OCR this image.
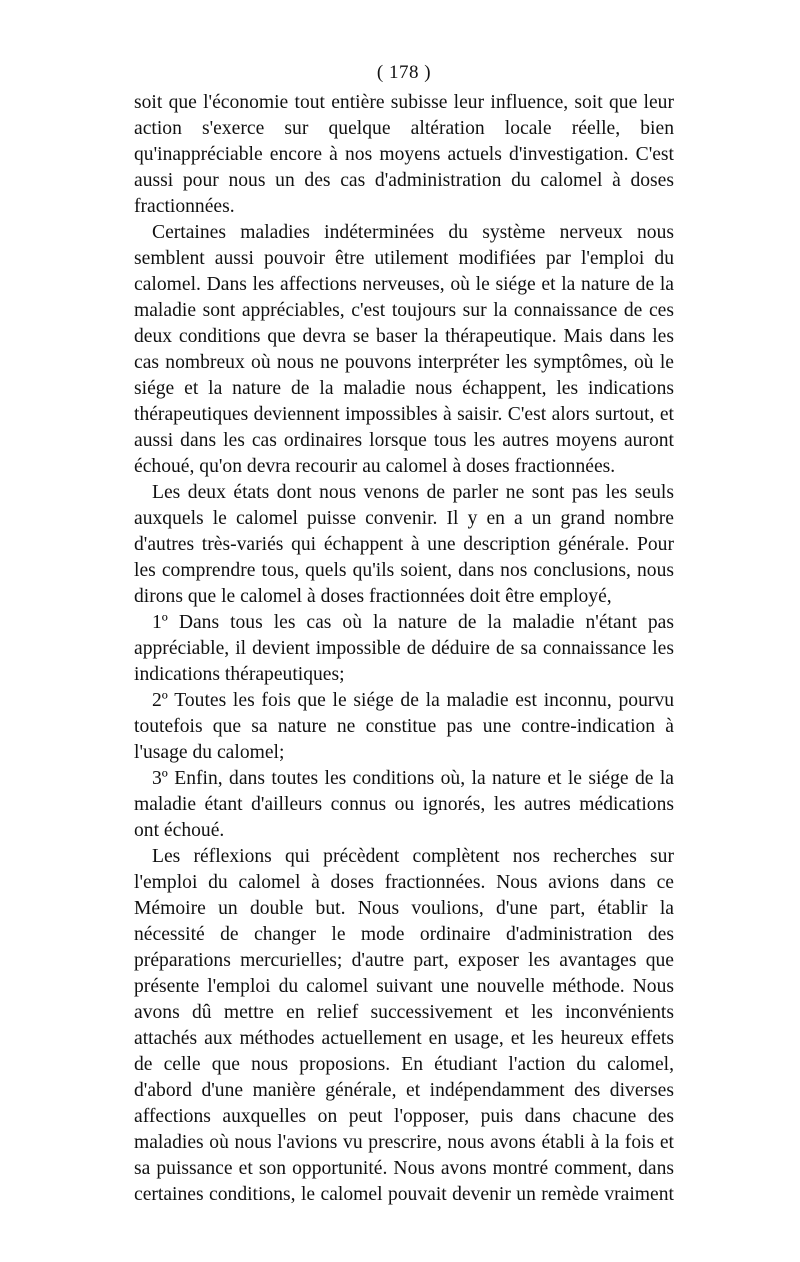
( 178 )

soit que l'économie tout entière subisse leur influence, soit que leur action s'exerce sur quelque altération locale réelle, bien qu'inappréciable encore à nos moyens actuels d'investigation. C'est aussi pour nous un des cas d'administration du calomel à doses fractionnées.

Certaines maladies indéterminées du système nerveux nous semblent aussi pouvoir être utilement modifiées par l'emploi du calomel. Dans les affections nerveuses, où le siége et la nature de la maladie sont appréciables, c'est toujours sur la connaissance de ces deux conditions que devra se baser la thérapeutique. Mais dans les cas nombreux où nous ne pouvons interpréter les symptômes, où le siége et la nature de la maladie nous échappent, les indications thérapeutiques deviennent impossibles à saisir. C'est alors surtout, et aussi dans les cas ordinaires lorsque tous les autres moyens auront échoué, qu'on devra recourir au calomel à doses fractionnées.

Les deux états dont nous venons de parler ne sont pas les seuls auxquels le calomel puisse convenir. Il y en a un grand nombre d'autres très-variés qui échappent à une description générale. Pour les comprendre tous, quels qu'ils soient, dans nos conclusions, nous dirons que le calomel à doses fractionnées doit être employé,

1º Dans tous les cas où la nature de la maladie n'étant pas appréciable, il devient impossible de déduire de sa connaissance les indications thérapeutiques;

2º Toutes les fois que le siége de la maladie est inconnu, pourvu toutefois que sa nature ne constitue pas une contre-indication à l'usage du calomel;

3º Enfin, dans toutes les conditions où, la nature et le siége de la maladie étant d'ailleurs connus ou ignorés, les autres médications ont échoué.

Les réflexions qui précèdent complètent nos recherches sur l'emploi du calomel à doses fractionnées. Nous avions dans ce Mémoire un double but. Nous voulions, d'une part, établir la nécessité de changer le mode ordinaire d'administration des préparations mercurielles; d'autre part, exposer les avantages que présente l'emploi du calomel suivant une nouvelle méthode. Nous avons dû mettre en relief successivement et les inconvénients attachés aux méthodes actuellement en usage, et les heureux effets de celle que nous proposions. En étudiant l'action du calomel, d'abord d'une manière générale, et indépendamment des diverses affections auxquelles on peut l'opposer, puis dans chacune des maladies où nous l'avions vu prescrire, nous avons établi à la fois et sa puissance et son opportunité. Nous avons montré comment, dans certaines conditions, le calomel pouvait devenir un remède vraiment
